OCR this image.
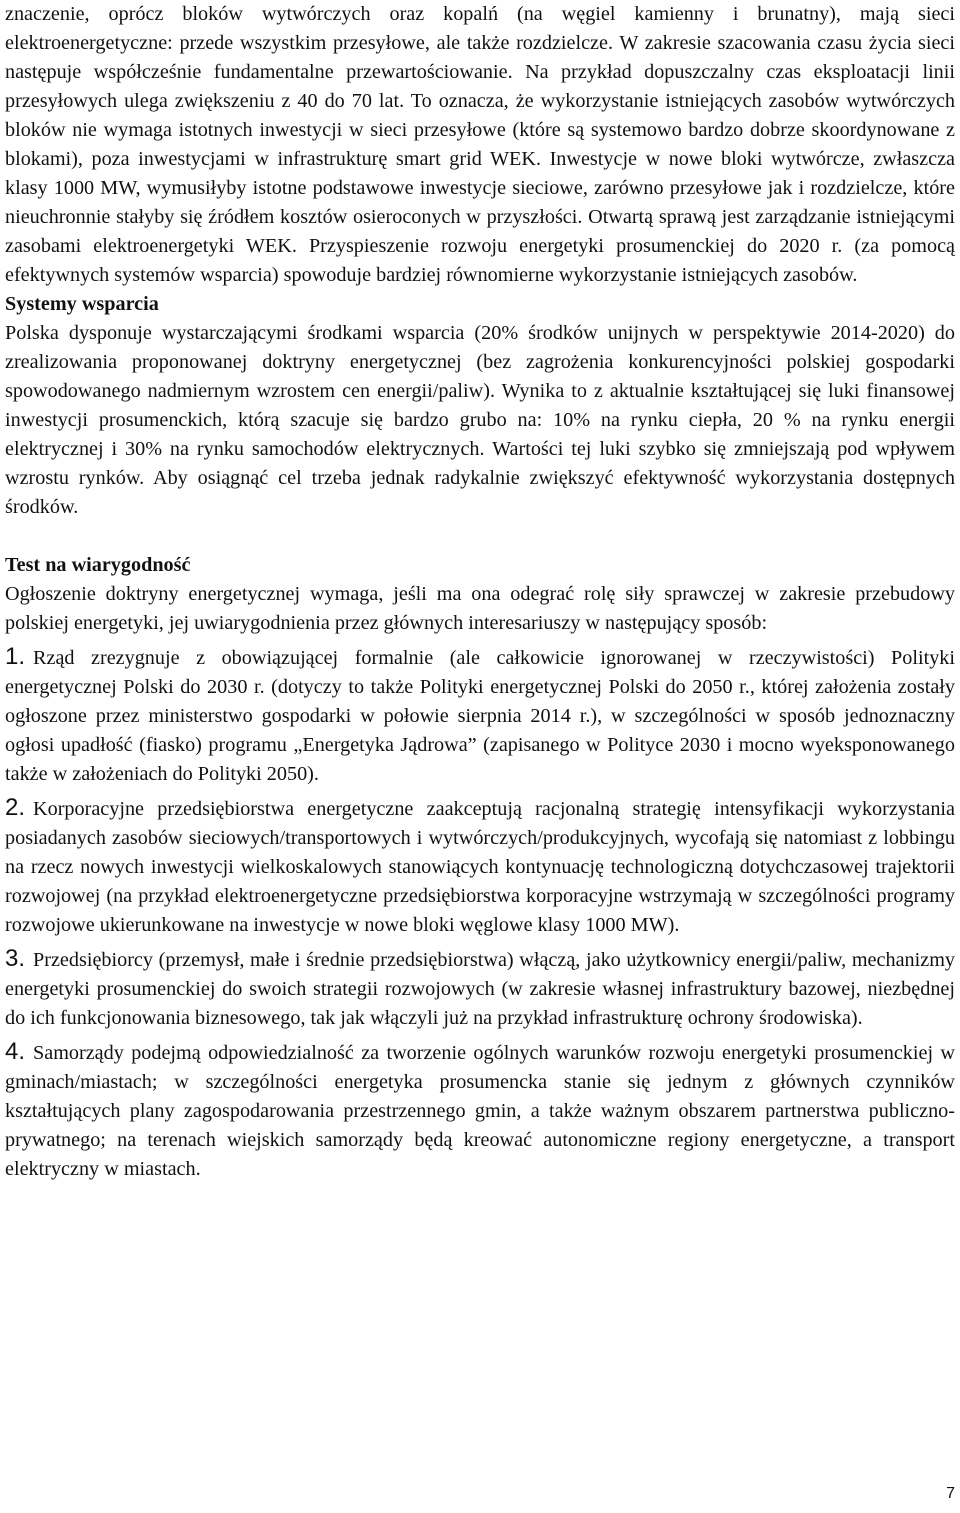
znaczenie, oprócz bloków wytwórczych oraz kopalń (na węgiel kamienny i brunatny), mają sieci elektroenergetyczne: przede wszystkim przesyłowe, ale także rozdzielcze. W zakresie szacowania czasu życia sieci następuje współcześnie fundamentalne przewartościowanie. Na przykład dopuszczalny czas eksploatacji linii przesyłowych ulega zwiększeniu z 40 do 70 lat. To oznacza, że wykorzystanie istniejących zasobów wytwórczych bloków nie wymaga istotnych inwestycji w sieci przesyłowe (które są systemowo bardzo dobrze skoordynowane z blokami), poza inwestycjami w infrastrukturę smart grid WEK. Inwestycje w nowe bloki wytwórcze, zwłaszcza klasy 1000 MW, wymusiłyby istotne podstawowe inwestycje sieciowe, zarówno przesyłowe jak i rozdzielcze, które nieuchronnie stałyby się źródłem kosztów osieroconych w przyszłości. Otwartą sprawą jest zarządzanie istniejącymi zasobami elektroenergetyki WEK. Przyspieszenie rozwoju energetyki prosumenckiej do 2020 r. (za pomocą efektywnych systemów wsparcia) spowoduje bardziej równomierne wykorzystanie istniejących zasobów.

Systemy wsparcia

Polska dysponuje wystarczającymi środkami wsparcia (20% środków unijnych w perspektywie 2014-2020) do zrealizowania proponowanej doktryny energetycznej (bez zagrożenia konkurencyjności polskiej gospodarki spowodowanego nadmiernym wzrostem cen energii/paliw). Wynika to z aktualnie kształtującej się luki finansowej inwestycji prosumenckich, którą szacuje się bardzo grubo na: 10% na rynku ciepła, 20 % na rynku energii elektrycznej i 30% na rynku samochodów elektrycznych. Wartości tej luki szybko się zmniejszają pod wpływem wzrostu rynków. Aby osiągnąć cel trzeba jednak radykalnie zwiększyć efektywność wykorzystania dostępnych środków.

Test na wiarygodność

Ogłoszenie doktryny energetycznej wymaga, jeśli ma ona odegrać rolę siły sprawczej w zakresie przebudowy polskiej energetyki, jej uwiarygodnienia przez głównych interesariuszy w następujący sposób:

1. Rząd zrezygnuje z obowiązującej formalnie (ale całkowicie ignorowanej w rzeczywistości) Polityki energetycznej Polski do 2030 r. (dotyczy to także Polityki energetycznej Polski do 2050 r., której założenia zostały ogłoszone przez ministerstwo gospodarki w połowie sierpnia 2014 r.), w szczególności w sposób jednoznaczny ogłosi upadłość (fiasko) programu „Energetyka Jądrowa” (zapisanego w Polityce 2030 i mocno wyeksponowanego także w założeniach do Polityki 2050).

2. Korporacyjne przedsiębiorstwa energetyczne zaakceptują racjonalną strategię intensyfikacji wykorzystania posiadanych zasobów sieciowych/transportowych i wytwórczych/produkcyjnych, wycofają się natomiast z lobbingu na rzecz nowych inwestycji wielkoskalowych stanowiących kontynuację technologiczną dotychczasowej trajektorii rozwojowej (na przykład elektroenergetyczne przedsiębiorstwa korporacyjne wstrzymają w szczególności programy rozwojowe ukierunkowane na inwestycje w nowe bloki węglowe klasy 1000 MW).

3. Przedsiębiorcy (przemysł, małe i średnie przedsiębiorstwa) włączą, jako użytkownicy energii/paliw, mechanizmy energetyki prosumenckiej do swoich strategii rozwojowych (w zakresie własnej infrastruktury bazowej, niezbędnej do ich funkcjonowania biznesowego, tak jak włączyli już na przykład infrastrukturę ochrony środowiska).

4. Samorządy podejmą odpowiedzialność za tworzenie ogólnych warunków rozwoju energetyki prosumenckiej w gminach/miastach; w szczególności energetyka prosumencka stanie się jednym z głównych czynników kształtujących plany zagospodarowania przestrzennego gmin, a także ważnym obszarem partnerstwa publiczno-prywatnego; na terenach wiejskich samorządy będą kreować autonomiczne regiony energetyczne, a transport elektryczny w miastach.

7
